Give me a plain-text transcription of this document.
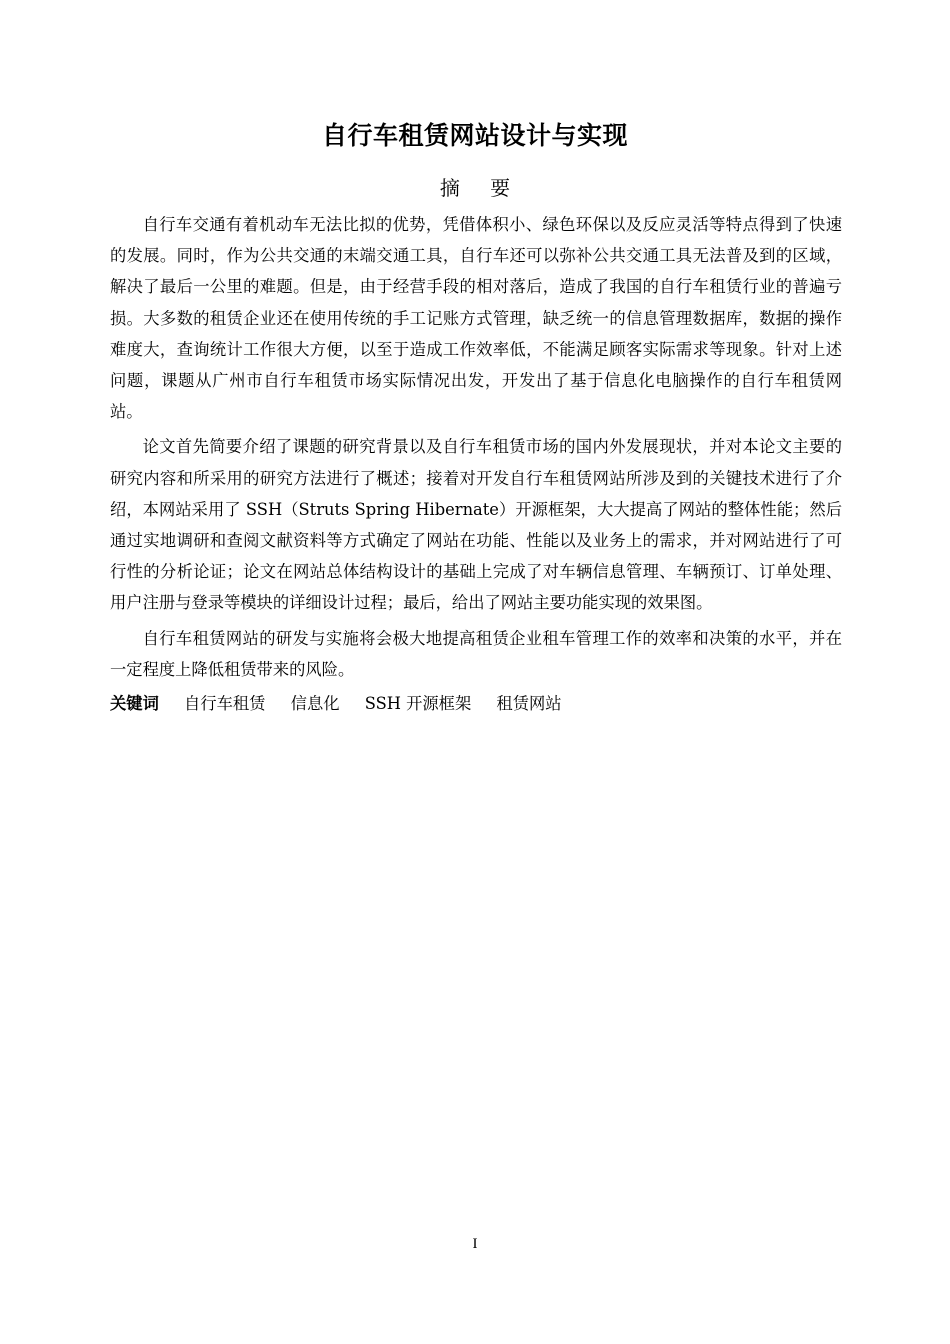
自行车租赁网站设计与实现
摘 要

自行车交通有着机动车无法比拟的优势，凭借体积小、绿色环保以及反应灵活等特点得到了快速的发展。同时，作为公共交通的末端交通工具，自行车还可以弥补公共交通工具无法普及到的区域，解决了最后一公里的难题。但是，由于经营手段的相对落后，造成了我国的自行车租赁行业的普遍亏损。大多数的租赁企业还在使用传统的手工记账方式管理，缺乏统一的信息管理数据库，数据的操作难度大，查询统计工作很大方便，以至于造成工作效率低，不能满足顾客实际需求等现象。针对上述问题，课题从广州市自行车租赁市场实际情况出发，开发出了基于信息化电脑操作的自行车租赁网站。

论文首先简要介绍了课题的研究背景以及自行车租赁市场的国内外发展现状，并对本论文主要的研究内容和所采用的研究方法进行了概述；接着对开发自行车租赁网站所涉及到的关键技术进行了介绍，本网站采用了 SSH（Struts Spring Hibernate）开源框架，大大提高了网站的整体性能；然后通过实地调研和查阅文献资料等方式确定了网站在功能、性能以及业务上的需求，并对网站进行了可行性的分析论证；论文在网站总体结构设计的基础上完成了对车辆信息管理、车辆预订、订单处理、用户注册与登录等模块的详细设计过程；最后，给出了网站主要功能实现的效果图。

自行车租赁网站的研发与实施将会极大地提高租赁企业租车管理工作的效率和决策的水平，并在一定程度上降低租赁带来的风险。

关键词 自行车租赁 信息化 SSH 开源框架 租赁网站
I
